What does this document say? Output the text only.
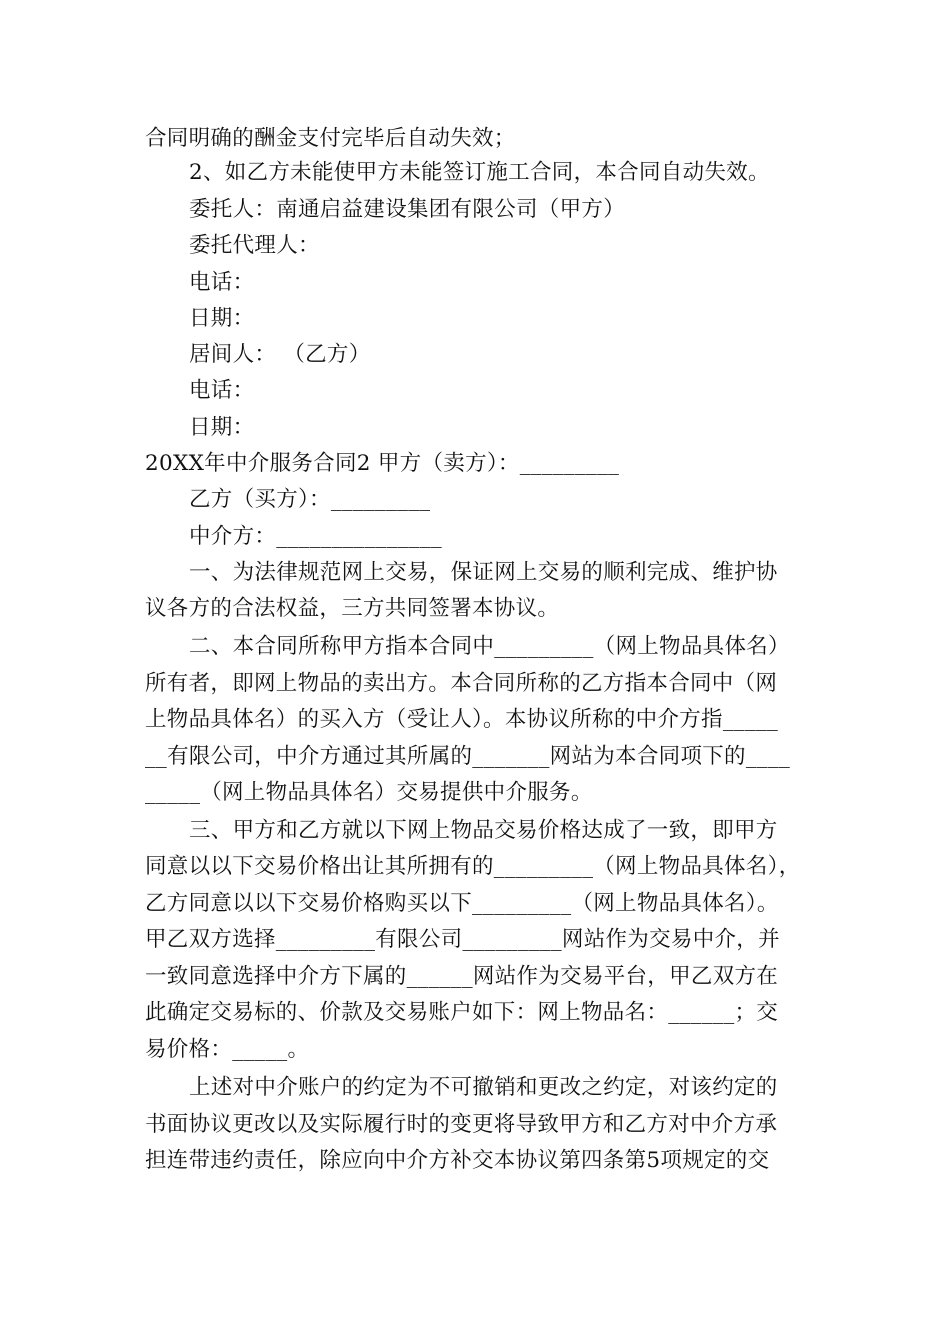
合同明确的酬金支付完毕后自动失效；
2、如乙方未能使甲方未能签订施工合同，本合同自动失效。
委托人：南通启益建设集团有限公司（甲方）
委托代理人：
电话：
日期：
居间人： （乙方）
电话：
日期：
20XX年中介服务合同2 甲方（卖方）：_________
乙方（买方）：_________
中介方：_______________
一、为法律规范网上交易，保证网上交易的顺利完成、维护协
议各方的合法权益，三方共同签署本协议。
二、本合同所称甲方指本合同中_________（网上物品具体名）
所有者，即网上物品的卖出方。本合同所称的乙方指本合同中（网
上物品具体名）的买入方（受让人）。本协议所称的中介方指_____
__有限公司，中介方通过其所属的_______网站为本合同项下的____
_____（网上物品具体名）交易提供中介服务。
三、甲方和乙方就以下网上物品交易价格达成了一致，即甲方
同意以以下交易价格出让其所拥有的_________（网上物品具体名），
乙方同意以以下交易价格购买以下_________（网上物品具体名）。
甲乙双方选择_________有限公司_________网站作为交易中介，并
一致同意选择中介方下属的______网站作为交易平台，甲乙双方在
此确定交易标的、价款及交易账户如下：网上物品名：______；交
易价格：_____。
上述对中介账户的约定为不可撤销和更改之约定，对该约定的
书面协议更改以及实际履行时的变更将导致甲方和乙方对中介方承
担连带违约责任，除应向中介方补交本协议第四条第5项规定的交
